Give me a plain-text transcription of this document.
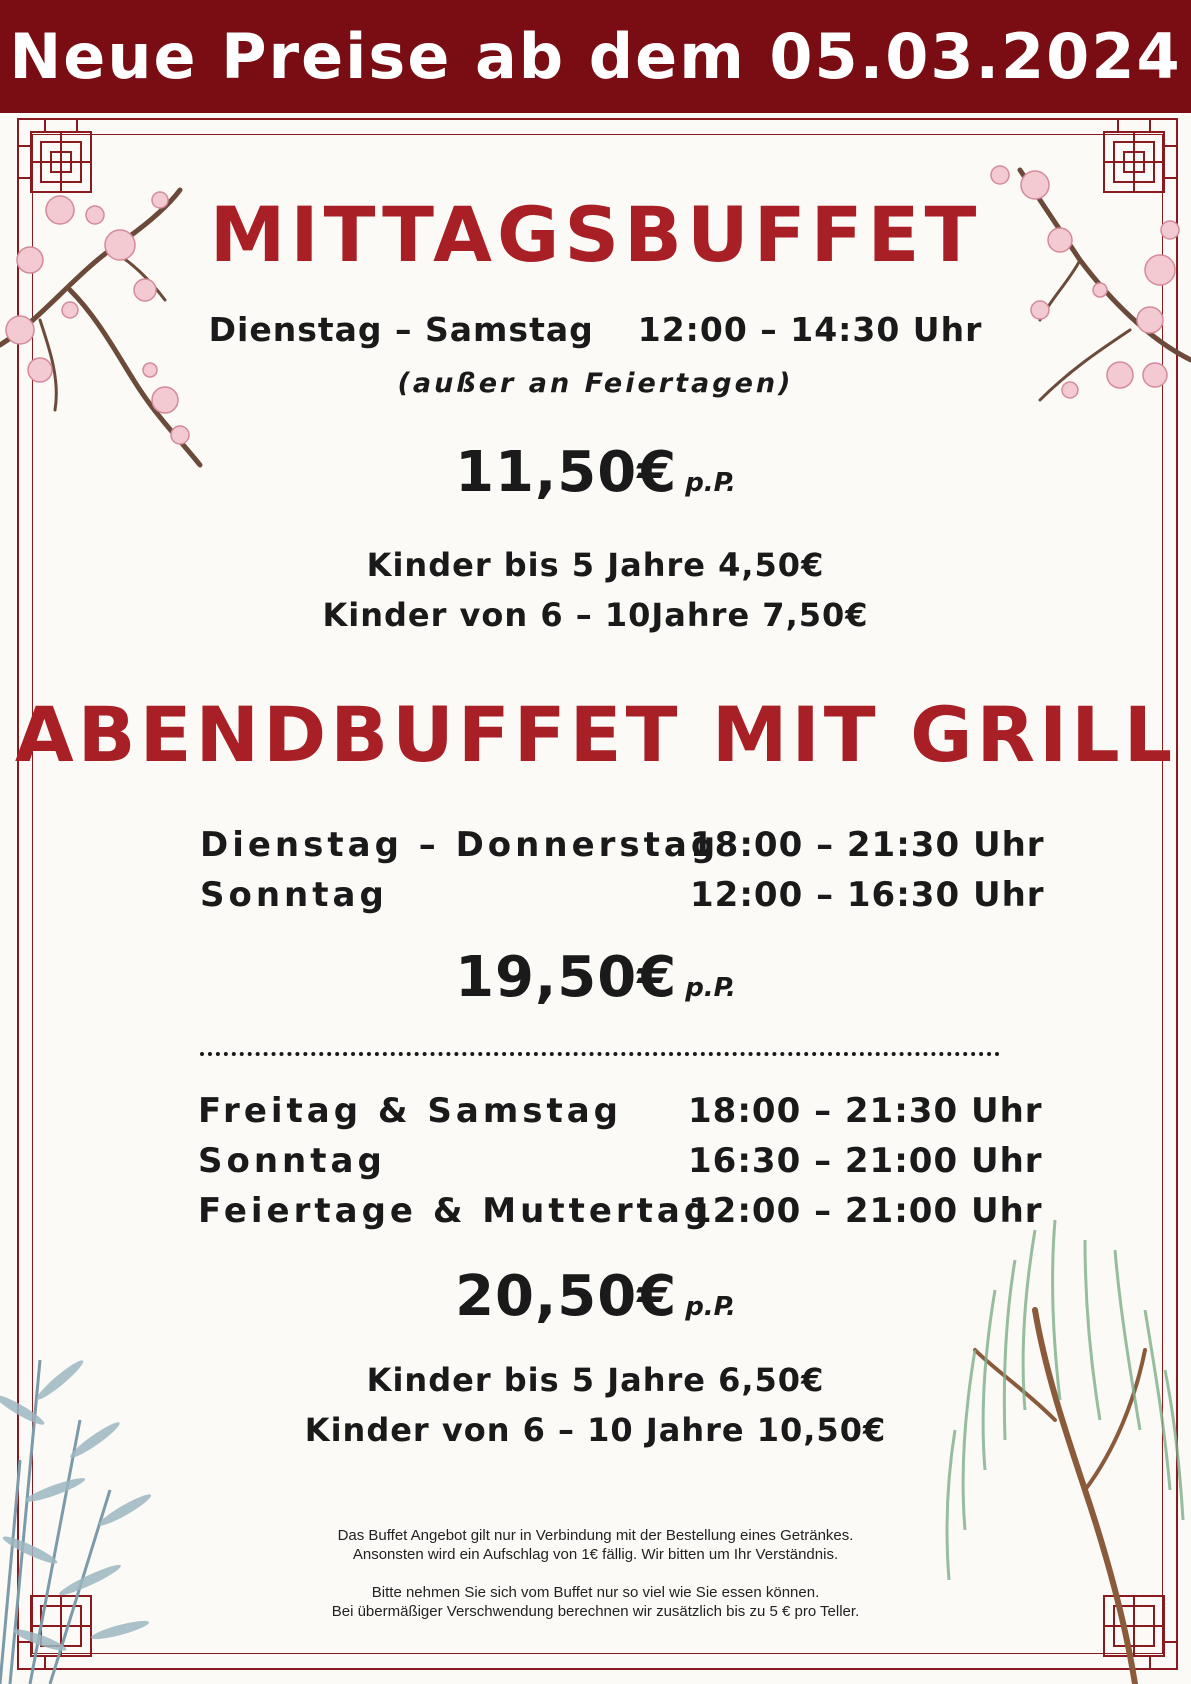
Neue Preise ab dem 05.03.2024
MITTAGSBUFFET
Dienstag – Samstag 12:00 – 14:30 Uhr
(außer an Feiertagen)
11,50€ p.P.
Kinder bis 5 Jahre 4,50€
Kinder von 6 – 10Jahre 7,50€
ABENDBUFFET MIT GRILL
Dienstag – Donnerstag
18:00 – 21:30 Uhr
Sonntag	12:00 – 16:30 Uhr
19,50€ p.P.
Freitag & Samstag 18:00 – 21:30 Uhr
Sonntag	16:30 – 21:00 Uhr
Feiertage & Muttertag
12:00 – 21:00 Uhr
20,50€ p.P.
Kinder bis 5 Jahre 6,50€
Kinder von 6 – 10 Jahre 10,50€
Das Buffet Angebot gilt nur in Verbindung mit der Bestellung eines Getränkes.
Ansonsten wird ein Aufschlag von 1€ fällig. Wir bitten um Ihr Verständnis.
Bitte nehmen Sie sich vom Buffet nur so viel wie Sie essen können.
Bei übermäßiger Verschwendung berechnen wir zusätzlich bis zu 5 € pro Teller.
